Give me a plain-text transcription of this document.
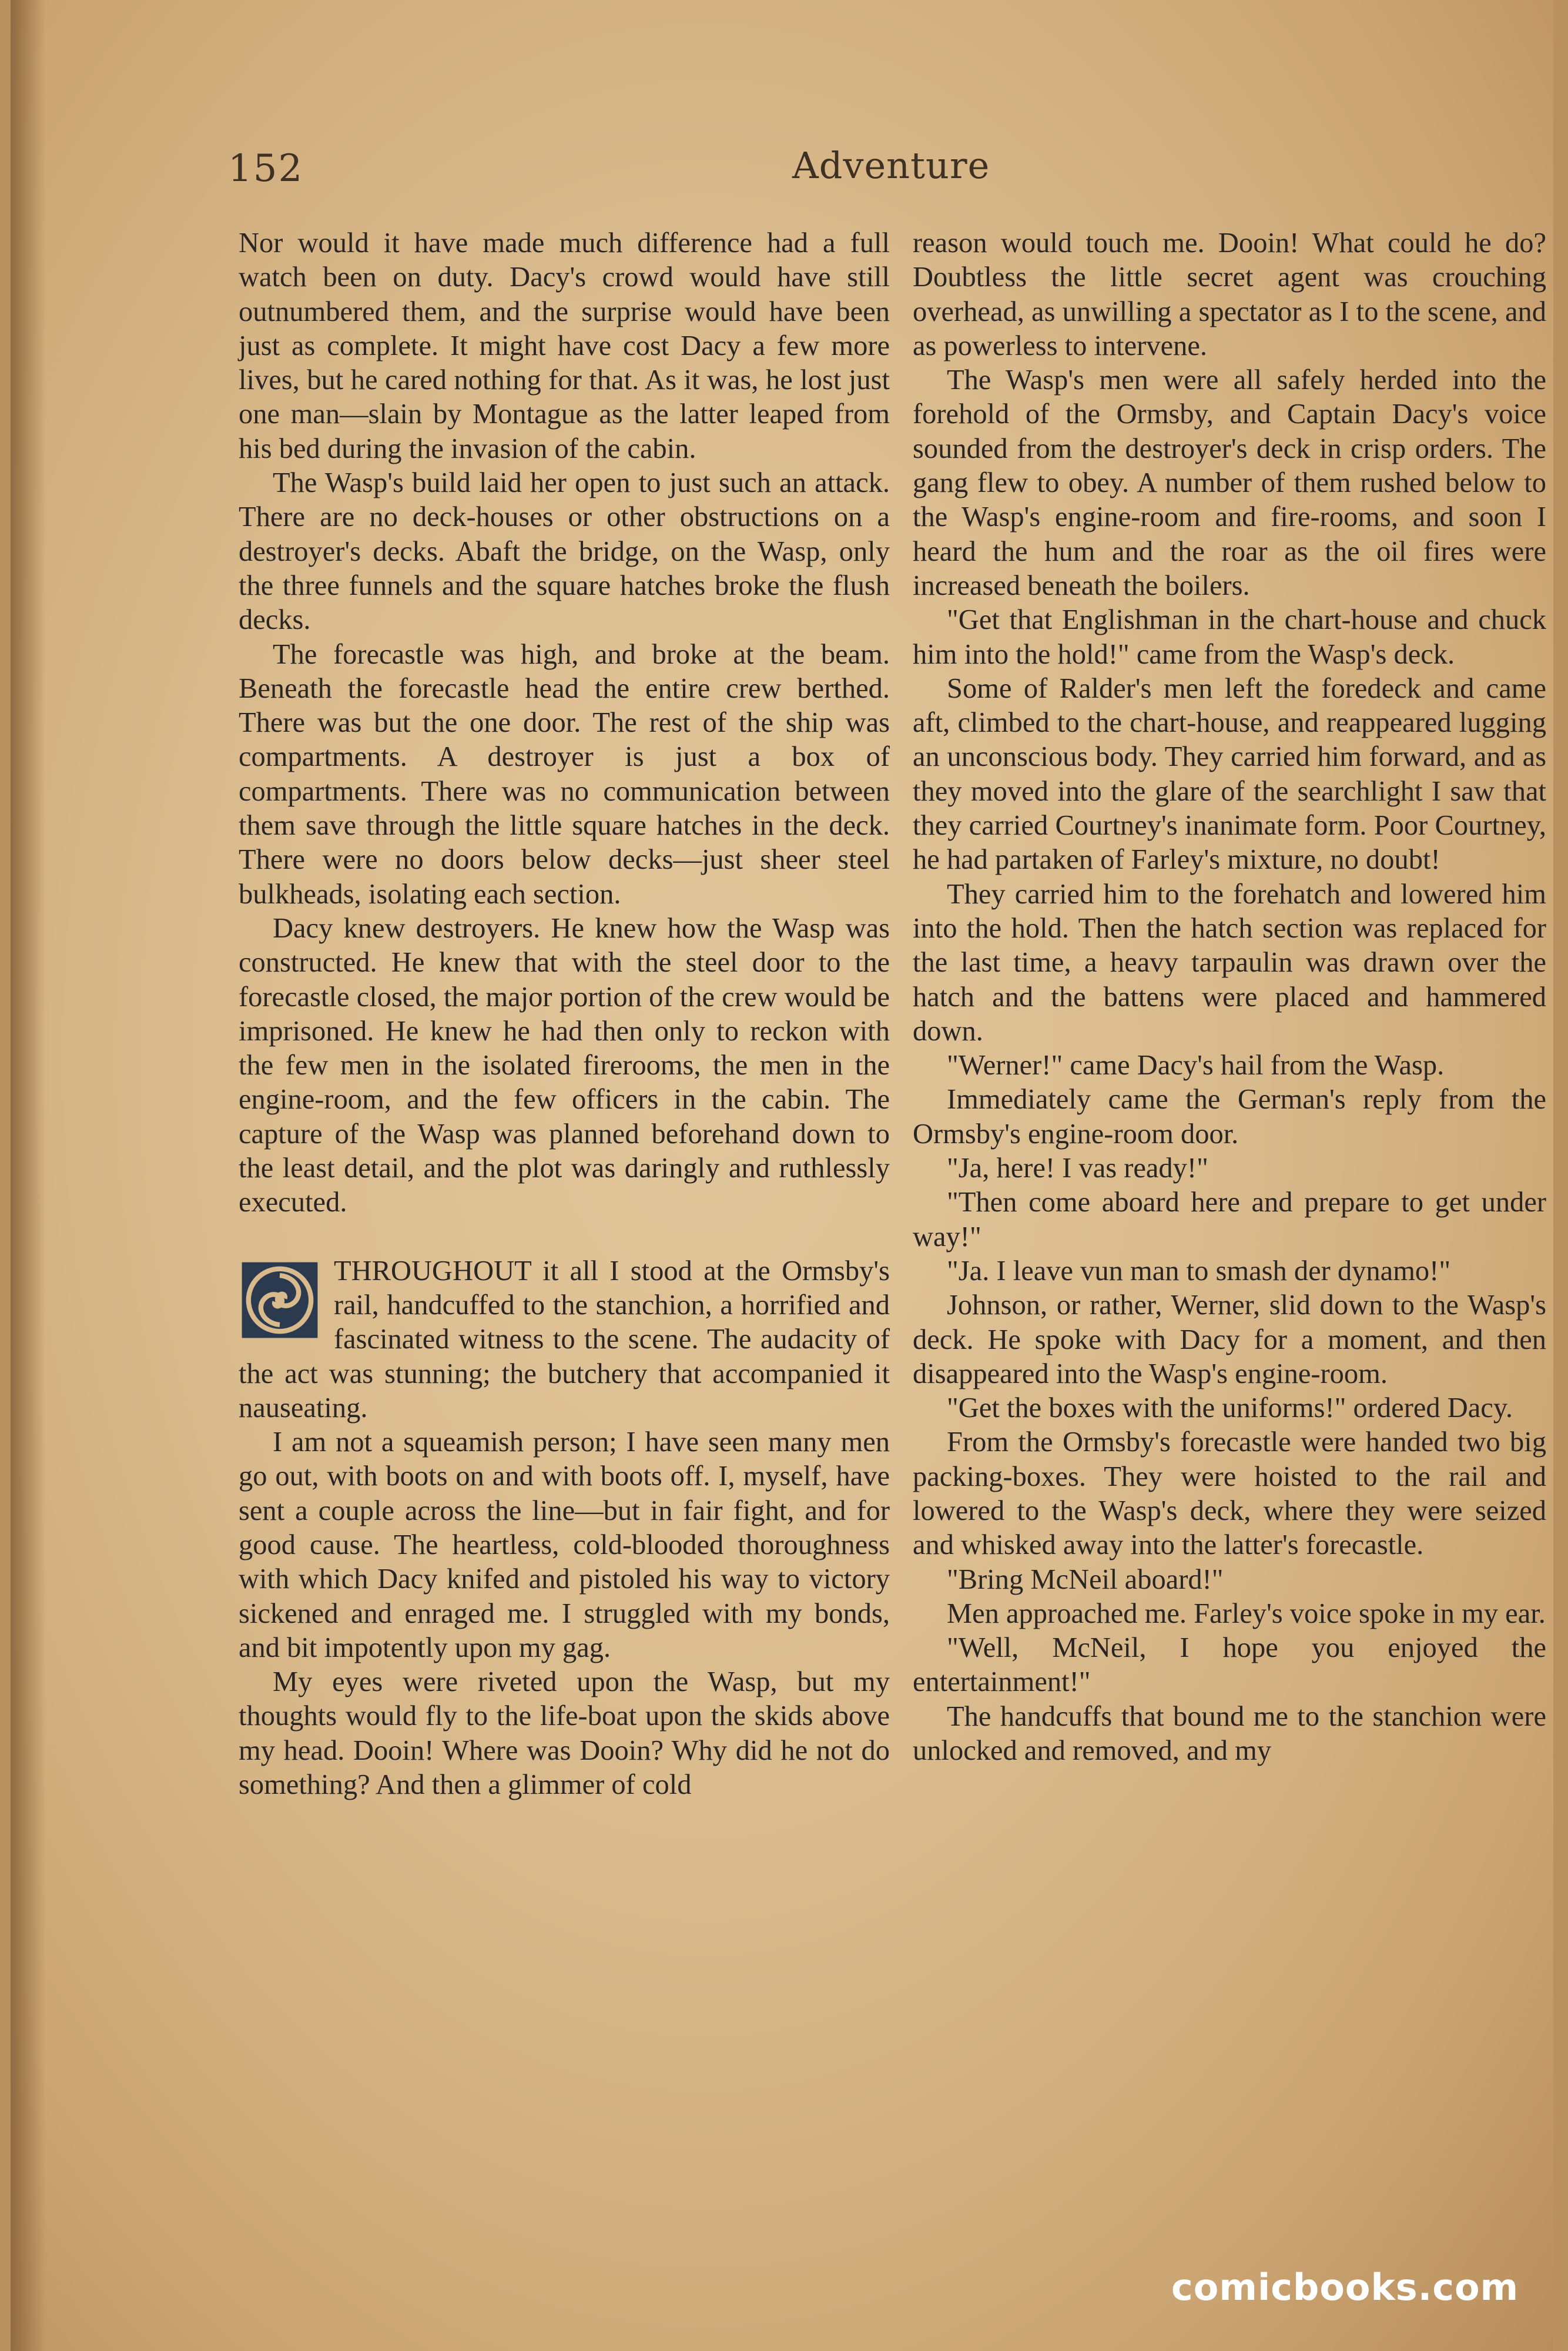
152	Adventure

Nor would it have made much difference had a full watch been on duty. Dacy's crowd would have still outnumbered them, and the surprise would have been just as complete. It might have cost Dacy a few more lives, but he cared nothing for that. As it was, he lost just one man—slain by Montague as the latter leaped from his bed during the invasion of the cabin.

The Wasp's build laid her open to just such an attack. There are no deck-houses or other obstructions on a destroyer's decks. Abaft the bridge, on the Wasp, only the three funnels and the square hatches broke the flush decks.

The forecastle was high, and broke at the beam. Beneath the forecastle head the entire crew berthed. There was but the one door. The rest of the ship was compartments. A destroyer is just a box of compartments. There was no communication between them save through the little square hatches in the deck. There were no doors below decks—just sheer steel bulkheads, isolating each section.

Dacy knew destroyers. He knew how the Wasp was constructed. He knew that with the steel door to the forecastle closed, the major portion of the crew would be imprisoned. He knew he had then only to reckon with the few men in the isolated firerooms, the men in the engine-room, and the few officers in the cabin. The capture of the Wasp was planned beforehand down to the least detail, and the plot was daringly and ruthlessly executed.

THROUGHOUT it all I stood at the Ormsby's rail, handcuffed to the stanchion, a horrified and fascinated witness to the scene. The audacity of the act was stunning; the butchery that accompanied it nauseating.

I am not a squeamish person; I have seen many men go out, with boots on and with boots off. I, myself, have sent a couple across the line—but in fair fight, and for good cause. The heartless, cold-blooded thoroughness with which Dacy knifed and pistoled his way to victory sickened and enraged me. I struggled with my bonds, and bit impotently upon my gag.

My eyes were riveted upon the Wasp, but my thoughts would fly to the life-boat upon the skids above my head. Dooin! Where was Dooin? Why did he not do something? And then a glimmer of cold

reason would touch me. Dooin! What could he do? Doubtless the little secret agent was crouching overhead, as unwilling a spectator as I to the scene, and as powerless to intervene.

The Wasp's men were all safely herded into the forehold of the Ormsby, and Captain Dacy's voice sounded from the destroyer's deck in crisp orders. The gang flew to obey. A number of them rushed below to the Wasp's engine-room and fire-rooms, and soon I heard the hum and the roar as the oil fires were increased beneath the boilers.

"Get that Englishman in the chart-house and chuck him into the hold!" came from the Wasp's deck.

Some of Ralder's men left the foredeck and came aft, climbed to the chart-house, and reappeared lugging an unconscious body. They carried him forward, and as they moved into the glare of the searchlight I saw that they carried Courtney's inanimate form. Poor Courtney, he had partaken of Farley's mixture, no doubt!

They carried him to the forehatch and lowered him into the hold. Then the hatch section was replaced for the last time, a heavy tarpaulin was drawn over the hatch and the battens were placed and hammered down.

"Werner!" came Dacy's hail from the Wasp.

Immediately came the German's reply from the Ormsby's engine-room door.

"Ja, here! I vas ready!"

"Then come aboard here and prepare to get under way!"

"Ja. I leave vun man to smash der dynamo!"

Johnson, or rather, Werner, slid down to the Wasp's deck. He spoke with Dacy for a moment, and then disappeared into the Wasp's engine-room.

"Get the boxes with the uniforms!" ordered Dacy.

From the Ormsby's forecastle were handed two big packing-boxes. They were hoisted to the rail and lowered to the Wasp's deck, where they were seized and whisked away into the latter's forecastle.

"Bring McNeil aboard!"

Men approached me. Farley's voice spoke in my ear.

"Well, McNeil, I hope you enjoyed the entertainment!"

The handcuffs that bound me to the stanchion were unlocked and removed, and my

comicbooks.com
